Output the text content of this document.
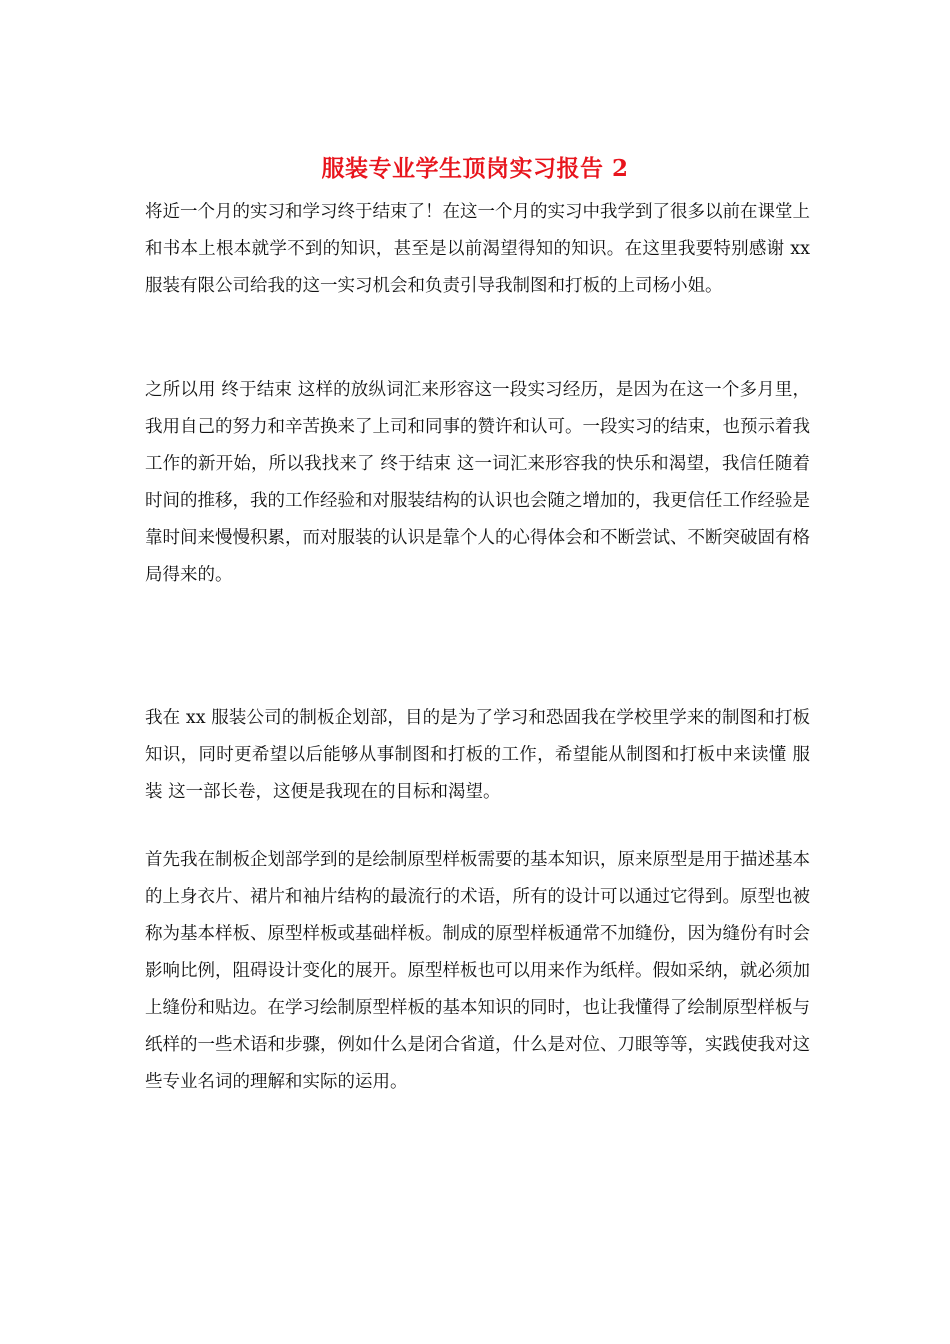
服装专业学生顶岗实习报告 2

将近一个月的实习和学习终于结束了！在这一个月的实习中我学到了很多以前在课堂上和书本上根本就学不到的知识，甚至是以前渴望得知的知识。在这里我要特别感谢 xx 服装有限公司给我的这一实习机会和负责引导我制图和打板的上司杨小姐。

之所以用 终于结束 这样的放纵词汇来形容这一段实习经历，是因为在这一个多月里，我用自己的努力和辛苦换来了上司和同事的赞许和认可。一段实习的结束，也预示着我工作的新开始，所以我找来了 终于结束 这一词汇来形容我的快乐和渴望，我信任随着时间的推移，我的工作经验和对服装结构的认识也会随之增加的，我更信任工作经验是靠时间来慢慢积累，而对服装的认识是靠个人的心得体会和不断尝试、不断突破固有格局得来的。

我在 xx 服装公司的制板企划部，目的是为了学习和恐固我在学校里学来的制图和打板知识，同时更希望以后能够从事制图和打板的工作，希望能从制图和打板中来读懂 服装 这一部长卷，这便是我现在的目标和渴望。

首先我在制板企划部学到的是绘制原型样板需要的基本知识，原来原型是用于描述基本的上身衣片、裙片和袖片结构的最流行的术语，所有的设计可以通过它得到。原型也被称为基本样板、原型样板或基础样板。制成的原型样板通常不加缝份，因为缝份有时会影响比例，阻碍设计变化的展开。原型样板也可以用来作为纸样。假如采纳，就必须加上缝份和贴边。在学习绘制原型样板的基本知识的同时，也让我懂得了绘制原型样板与纸样的一些术语和步骤，例如什么是闭合省道，什么是对位、刀眼等等，实践使我对这些专业名词的理解和实际的运用。
